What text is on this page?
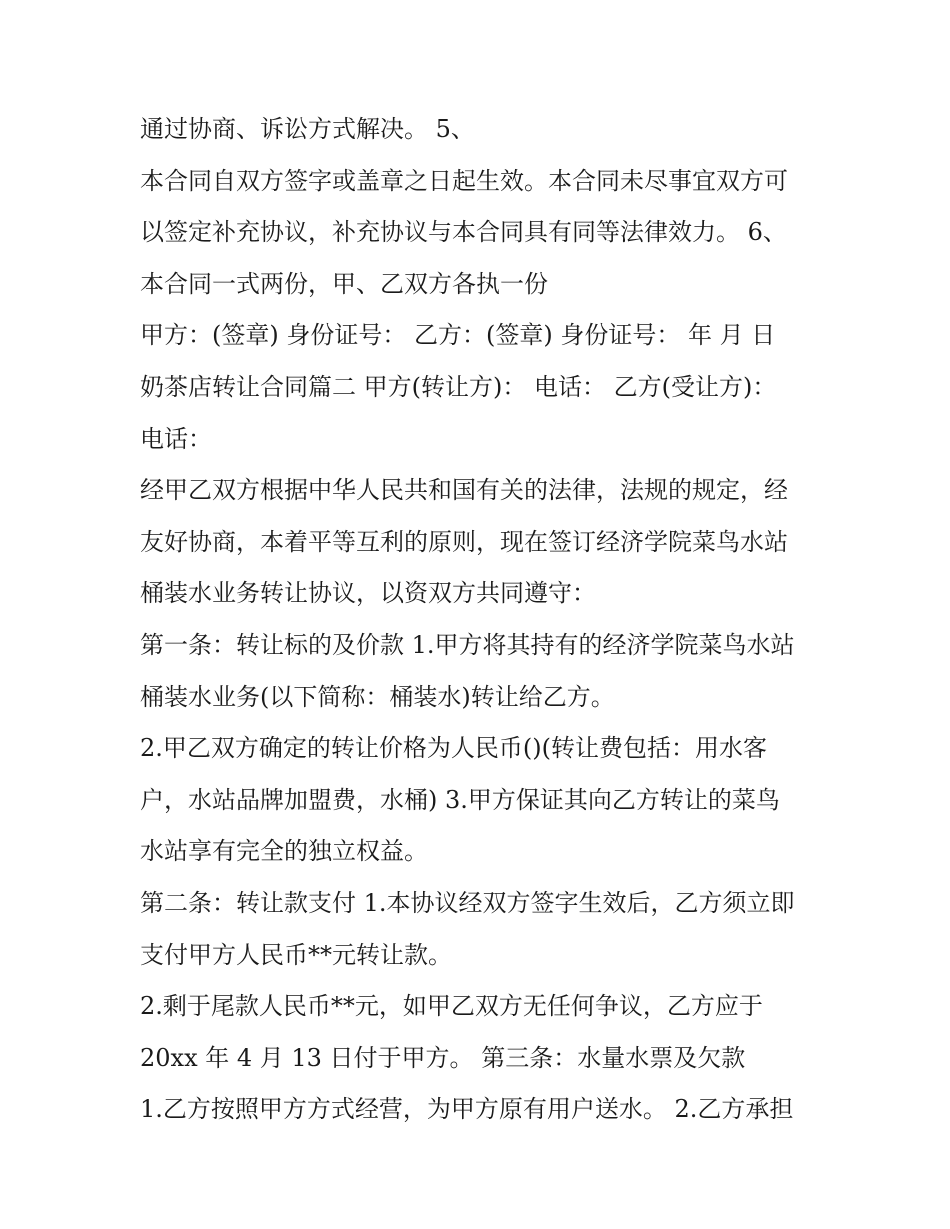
通过协商、诉讼方式解决。 5、

本合同自双方签字或盖章之日起生效。本合同未尽事宜双方可

以签定补充协议，补充协议与本合同具有同等法律效力。 6、

本合同一式两份，甲、乙双方各执一份

甲方：(签章) 身份证号： 乙方：(签章) 身份证号： 年 月 日

奶茶店转让合同篇二 甲方(转让方)： 电话： 乙方(受让方)：

电话：

经甲乙双方根据中华人民共和国有关的法律，法规的规定，经

友好协商，本着平等互利的原则，现在签订经济学院菜鸟水站

桶装水业务转让协议，以资双方共同遵守：

第一条：转让标的及价款 1.甲方将其持有的经济学院菜鸟水站

桶装水业务(以下简称：桶装水)转让给乙方。

2.甲乙双方确定的转让价格为人民币()(转让费包括：用水客

户，水站品牌加盟费，水桶) 3.甲方保证其向乙方转让的菜鸟

水站享有完全的独立权益。

第二条：转让款支付 1.本协议经双方签字生效后，乙方须立即

支付甲方人民币**元转让款。

2.剩于尾款人民币**元，如甲乙双方无任何争议，乙方应于

20xx 年 4 月 13 日付于甲方。 第三条：水量水票及欠款

1.乙方按照甲方方式经营，为甲方原有用户送水。 2.乙方承担
